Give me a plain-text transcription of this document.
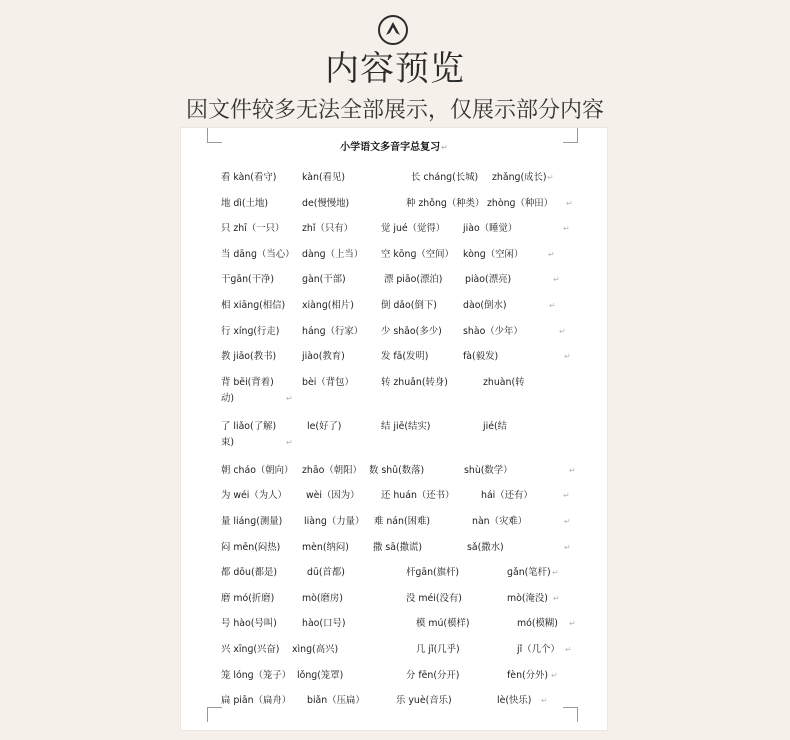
内容预览
因文件较多无法全部展示，仅展示部分内容
小学语文多音字总复习↵
看 kàn(看守)	kàn(看见)	长 chánɡ(长城) zhǎnɡ(成长) ↵
地 dì(土地)	de(慢慢地)	种 zhǒnɡ（种类） zhònɡ（种田） ↵
只 zhī（一只） zhǐ（只有）	觉 jué（觉得） jiào（睡觉）	↵
当 dānɡ（当心） dànɡ（上当） 空 kōnɡ（空间） kònɡ（空闲）	↵
干ɡān(干净)	ɡàn(干部)	漂 piāo(漂泊) piào(漂亮)	↵
相 xiānɡ(相信) xiànɡ(相片)	倒 dǎo(倒下)	dào(倒水)	↵
行 xínɡ(行走) hánɡ（行家） 少 shǎo(多少) shào（少年）	↵
教 jiāo(教书)	jiào(教育)	发 fā(发明)	fà(毅发)	↵
背 bēi(背着)	bèi（背包）	转 zhuǎn(转身)	zhuàn(转
动)	↵
了 liǎo(了解)	le(好了)	结 jiē(结实)	jié(结
束)	↵
朝 cháo（朝向） zhāo（朝阳） 数 shǔ(数落)	shù(数学）	↵
为 wéi（为人） wèi（因为） 还 huán（还书）	hái（还有）	↵
量 liánɡ(测量) liànɡ（力量） 难 nán(困难)	nàn（灾难）	↵
闷 mēn(闷热) mèn(纳闷)	撒 sā(撒谎)	sǎ(撒水)	↵
都 dōu(都是)	dū(首都)	杆ɡān(旗杆)	ɡǎn(笔杆) ↵
磨 mó(折磨)	mò(磨房)	没 méi(没有)	mò(淹没) ↵
号 hào(号叫)	hào(口号)	模 mú(模样)	mó(模糊) ↵
兴 xīnɡ(兴奋) xìnɡ(高兴)	几 jǐ(几乎)	jǐ（几个） ↵
笼 lónɡ（笼子） lǒnɡ(笼罩)	分 fēn(分开)	fèn(分外) ↵
扁 piān（扁舟） biǎn（压扁）	乐 yuè(音乐)	lè(快乐) ↵
